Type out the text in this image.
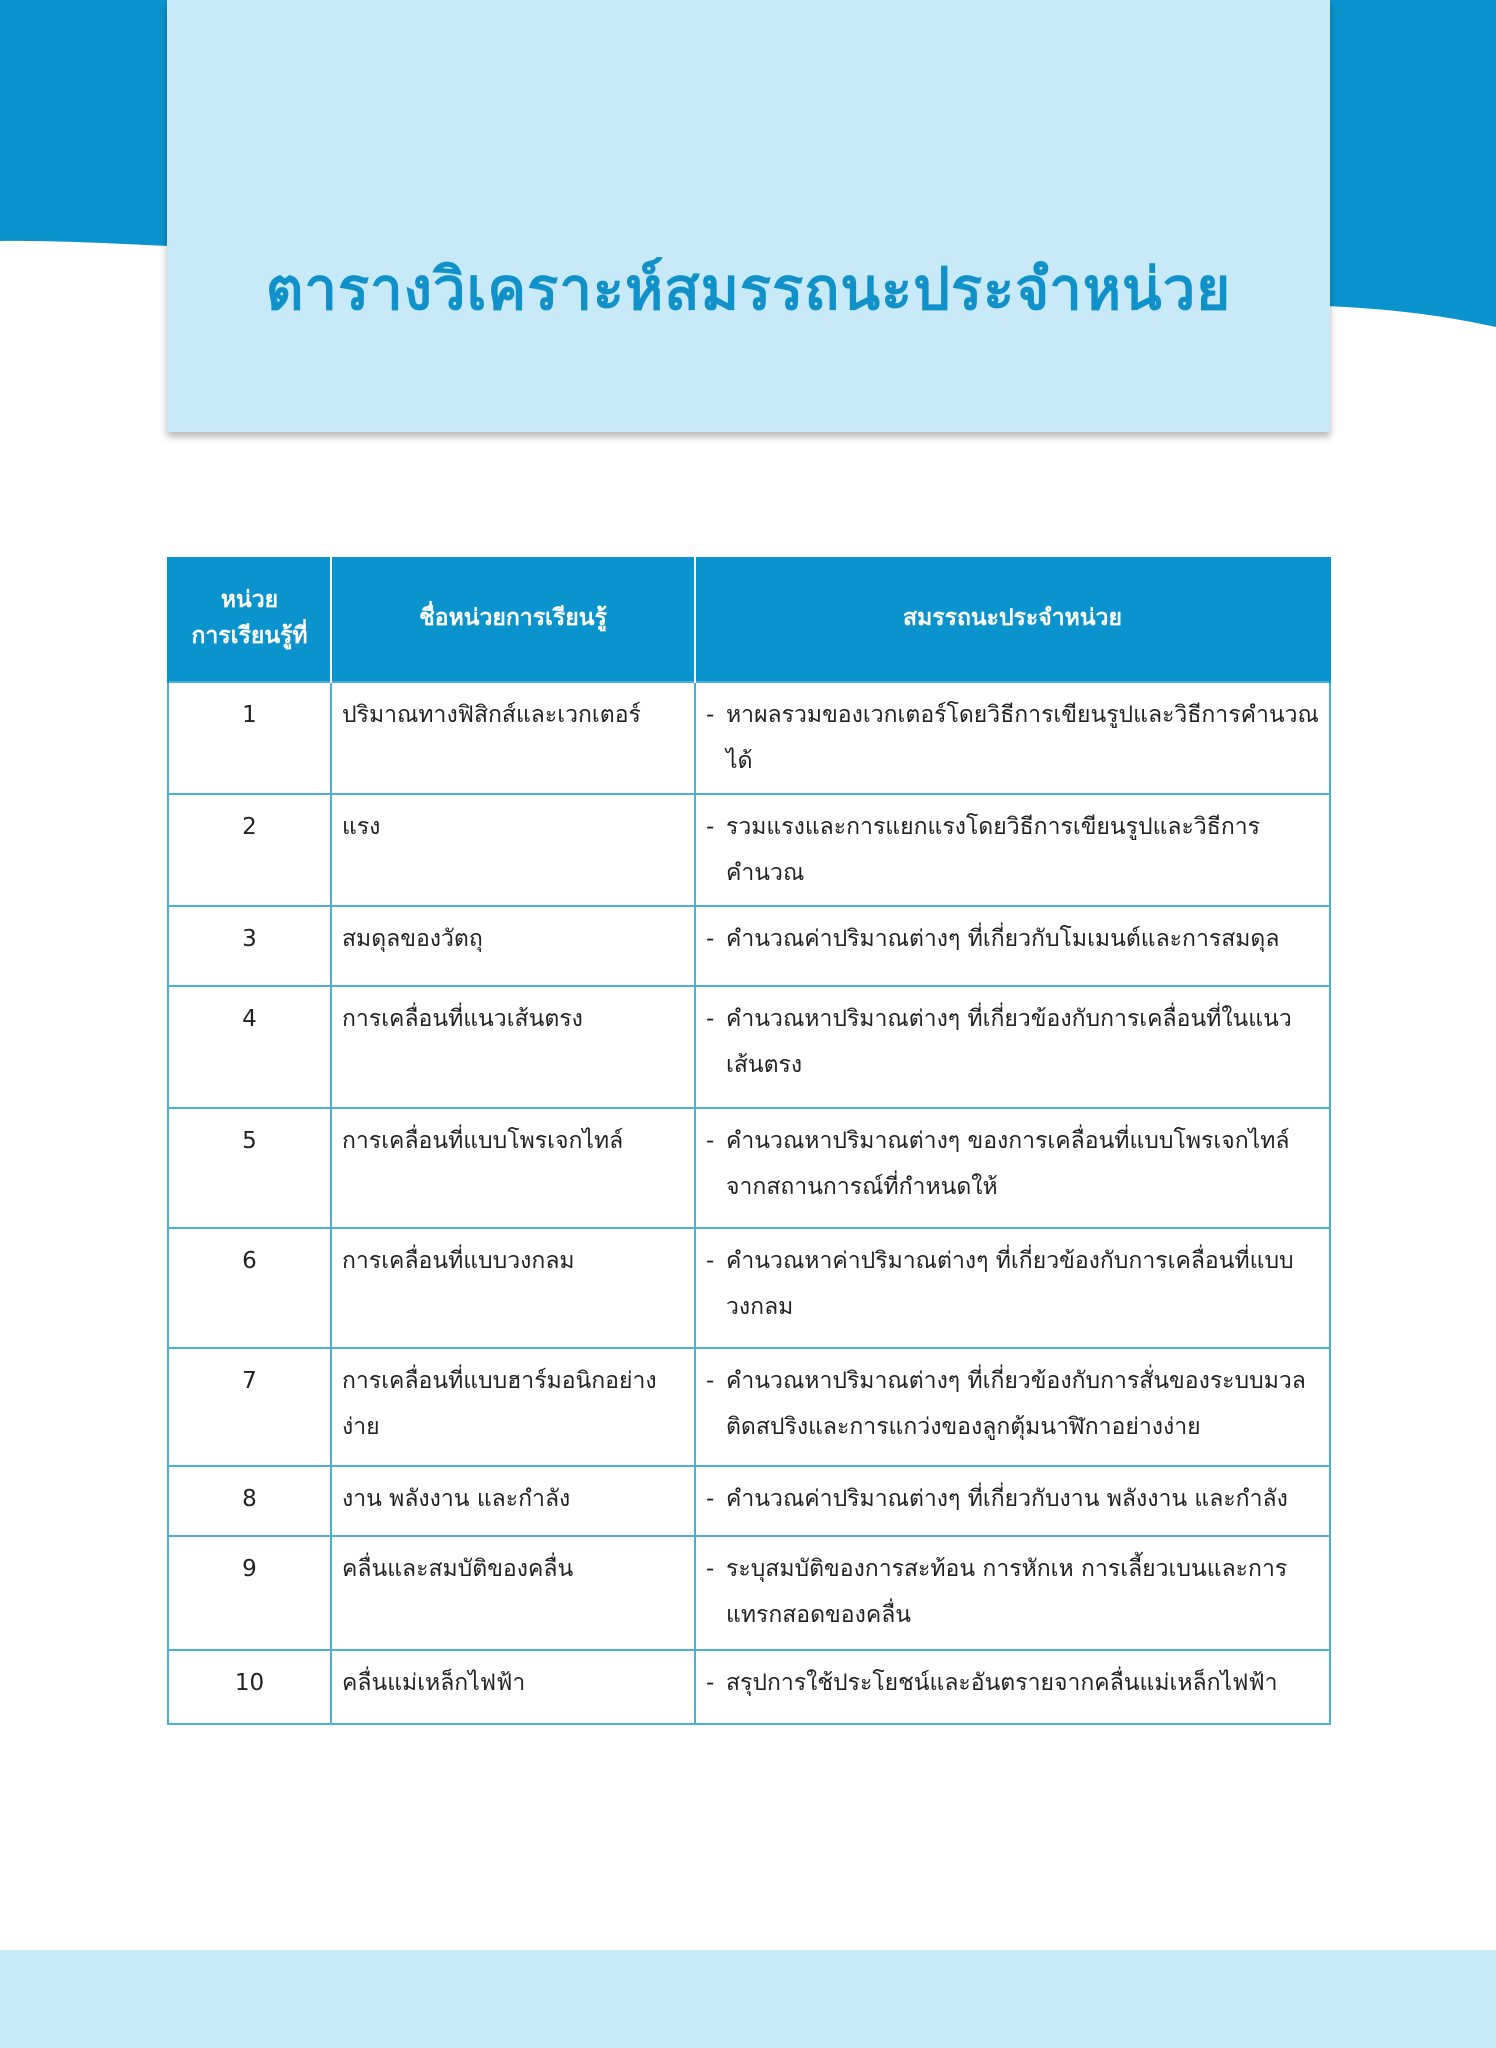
ตารางวิเคราะห์สมรรถนะประจำหน่วย
หน่วย
การเรียนรู้ที่	ชื่อหน่วยการเรียนรู้	สมรรถนะประจำหน่วย
1	ปริมาณทางฟิสิกส์และเวกเตอร์	- หาผลรวมของเวกเตอร์โดยวิธีการเขียนรูปและวิธีการคำนวณได้

2	แรง	- รวมแรงและการแยกแรงโดยวิธีการเขียนรูปและวิธีการคำนวณ

3	สมดุลของวัตถุ	- คำนวณค่าปริมาณต่างๆ ที่เกี่ยวกับโมเมนต์และการสมดุล

4	การเคลื่อนที่แนวเส้นตรง	- คำนวณหาปริมาณต่างๆ ที่เกี่ยวข้องกับการเคลื่อนที่ในแนวเส้นตรง

5	การเคลื่อนที่แบบโพรเจกไทล์	- คำนวณหาปริมาณต่างๆ ของการเคลื่อนที่แบบโพรเจกไทล์จากสถานการณ์ที่กำหนดให้

6	การเคลื่อนที่แบบวงกลม	- คำนวณหาค่าปริมาณต่างๆ ที่เกี่ยวข้องกับการเคลื่อนที่แบบวงกลม

7	การเคลื่อนที่แบบฮาร์มอนิกอย่างง่าย	- คำนวณหาปริมาณต่างๆ ที่เกี่ยวข้องกับการสั่นของระบบมวลติดสปริงและการแกว่งของลูกตุ้มนาฬิกาอย่างง่าย

8	งาน พลังงาน และกำลัง	- คำนวณค่าปริมาณต่างๆ ที่เกี่ยวกับงาน พลังงาน และกำลัง

9	คลื่นและสมบัติของคลื่น	- ระบุสมบัติของการสะท้อน การหักเห การเลี้ยวเบนและการแทรกสอดของคลื่น

10	คลื่นแม่เหล็กไฟฟ้า	- สรุปการใช้ประโยชน์และอันตรายจากคลื่นแม่เหล็กไฟฟ้า
